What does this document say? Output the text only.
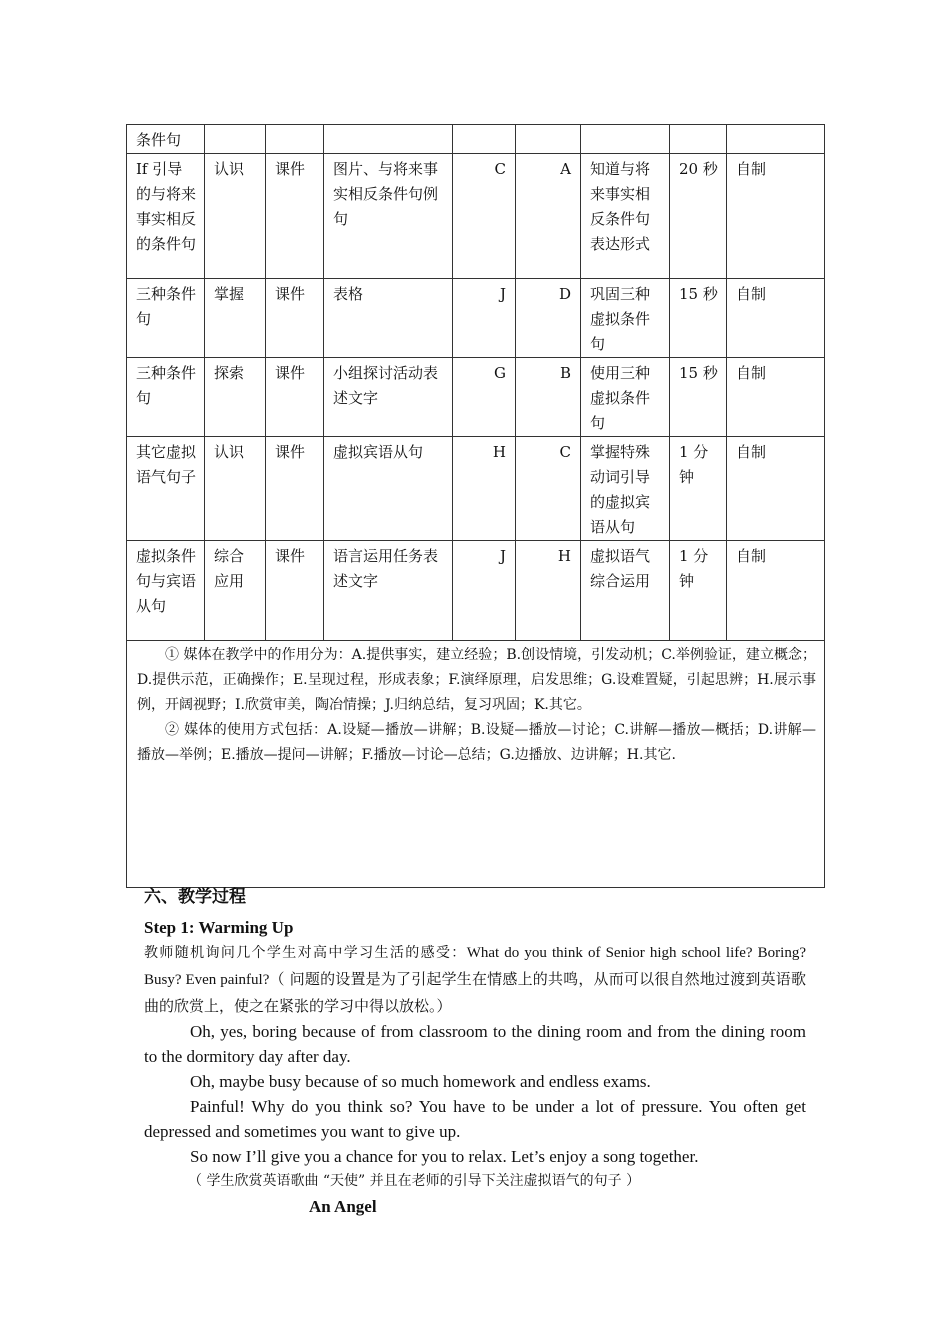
条件句								
If 引导的与将来事实相反的条件句	认识	课件	图片、与将来事实相反条件句例句	C	A	知道与将来事实相反条件句表达形式	20 秒	自制
三种条件句	掌握	课件	表格	J	D	巩固三种虚拟条件句	15 秒	自制
三种条件句	探索	课件	小组探讨活动表述文字	G	B	使用三种虚拟条件句	15 秒	自制
其它虚拟语气句子	认识	课件	虚拟宾语从句	H	C	掌握特殊动词引导的虚拟宾语从句	1 分钟	自制
虚拟条件句与宾语从句	综合应用	课件	语言运用任务表述文字	J	H	虚拟语气综合运用	1 分钟	自制

① 媒体在教学中的作用分为：A.提供事实，建立经验；B.创设情境，引发动机；C.举例验证，建立概念；D.提供示范，正确操作；E.呈现过程，形成表象；F.演绎原理，启发思维；G.设难置疑，引起思辨；H.展示事例，开阔视野；I.欣赏审美，陶冶情操；J.归纳总结，复习巩固；K.其它。

② 媒体的使用方式包括：A.设疑—播放—讲解；B.设疑—播放—讨论；C.讲解—播放—概括；D.讲解—播放—举例；E.播放—提问—讲解；F.播放—讨论—总结；G.边播放、边讲解；H.其它.								

六、教学过程
Step 1: Warming Up

教师随机询问几个学生对高中学习生活的感受：What do you think of Senior high school life? Boring? Busy? Even painful?（ 问题的设置是为了引起学生在情感上的共鸣，从而可以很自然地过渡到英语歌曲的欣赏上，使之在紧张的学习中得以放松。）

Oh, yes, boring because of from classroom to the dining room and from the dining room to the dormitory day after day.

Oh, maybe busy because of so much homework and endless exams.

Painful! Why do you think so? You have to be under a lot of pressure. You often get depressed and sometimes you want to give up.

So now I’ll give you a chance for you to relax. Let’s enjoy a song together.

（ 学生欣赏英语歌曲 “天使” 并且在老师的引导下关注虚拟语气的句子 ）

An Angel
